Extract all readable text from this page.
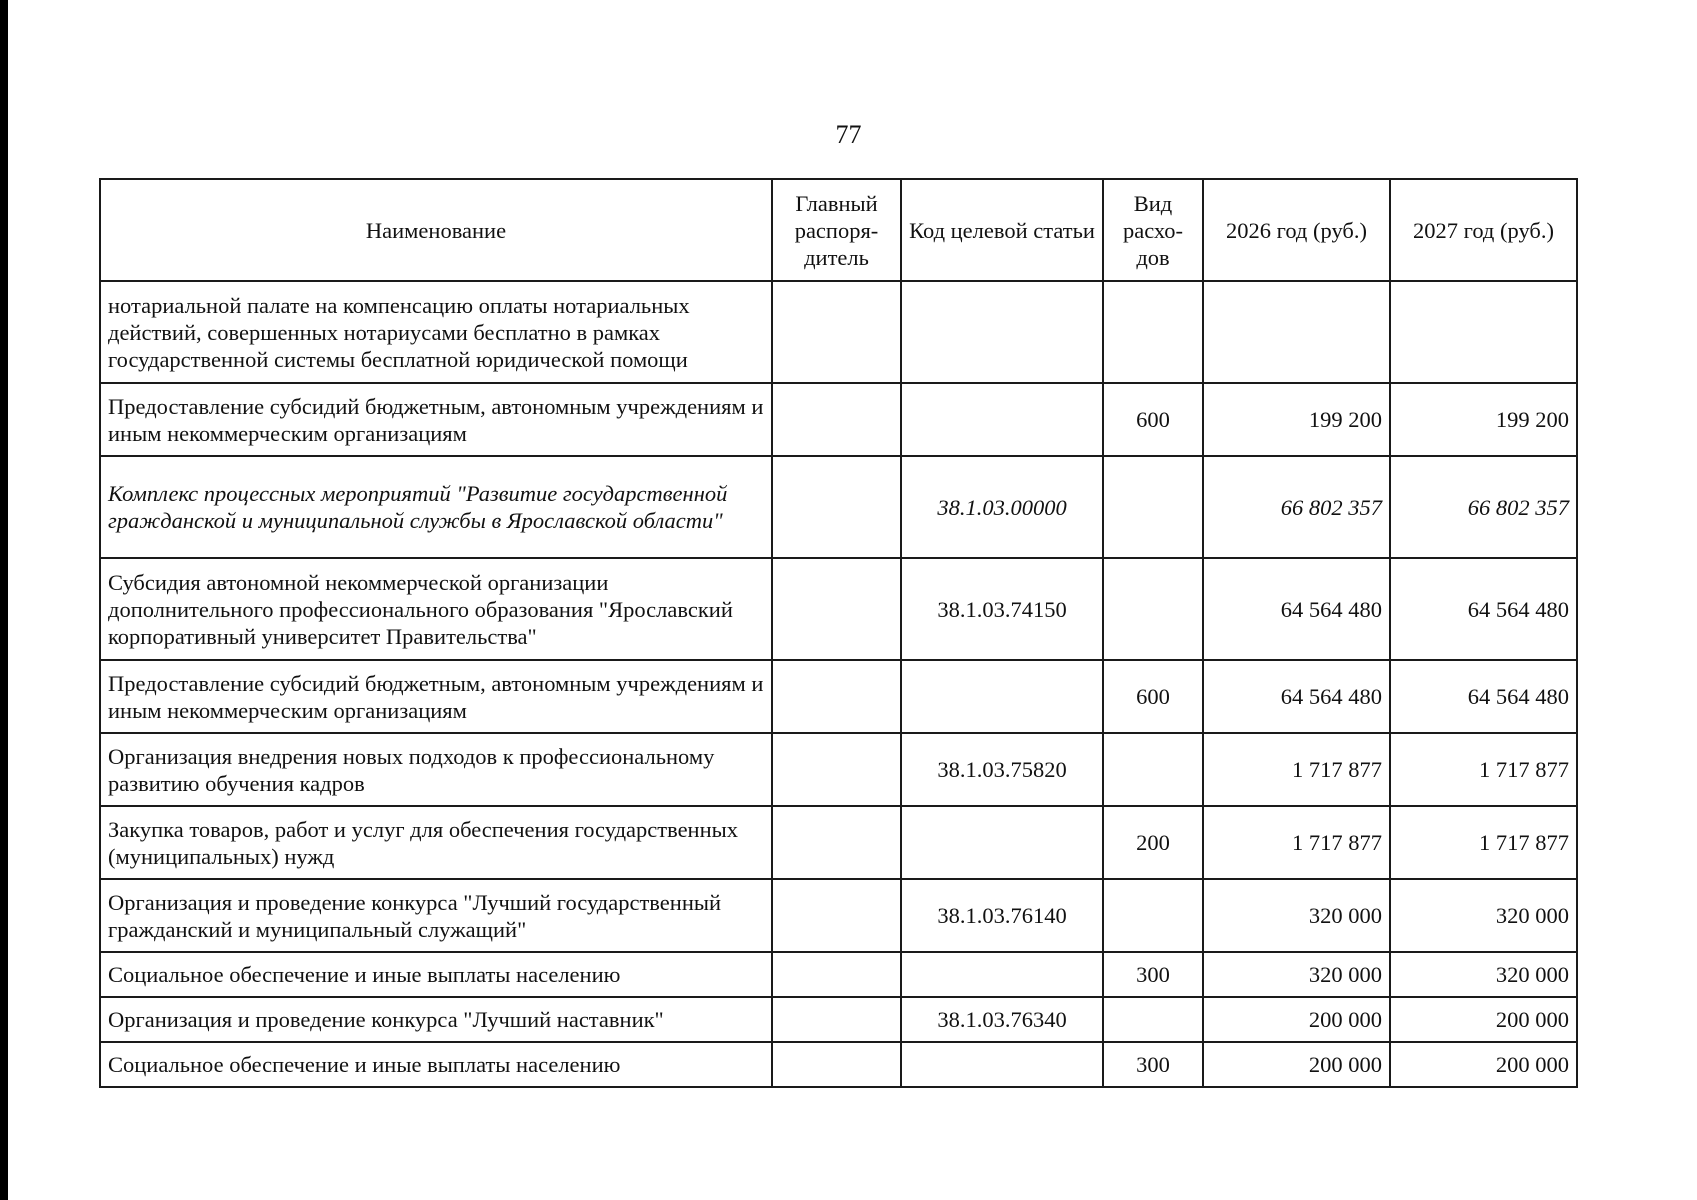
77
Наименование	Главный распоря-дитель	Код целевой статьи	Вид расхо-дов	2026 год (руб.)	2027 год (руб.)
нотариальной палате на компенсацию оплаты нотариальных действий, совершенных нотариусами бесплатно в рамках государственной системы бесплатной юридической помощи					
Предоставление субсидий бюджетным, автономным учреждениям и иным некоммерческим организациям			600	199 200	199 200
Комплекс процессных мероприятий "Развитие государственной гражданской и муниципальной службы в Ярославской области"		38.1.03.00000		66 802 357	66 802 357
Субсидия автономной некоммерческой организации дополнительного профессионального образования "Ярославский корпоративный университет Правительства"		38.1.03.74150		64 564 480	64 564 480
Предоставление субсидий бюджетным, автономным учреждениям и иным некоммерческим организациям			600	64 564 480	64 564 480
Организация внедрения новых подходов к профессиональному развитию обучения кадров		38.1.03.75820		1 717 877	1 717 877
Закупка товаров, работ и услуг для обеспечения государственных (муниципальных) нужд			200	1 717 877	1 717 877
Организация и проведение конкурса "Лучший государственный гражданский и муниципальный служащий"		38.1.03.76140		320 000	320 000
Социальное обеспечение и иные выплаты населению			300	320 000	320 000
Организация и проведение конкурса "Лучший наставник"		38.1.03.76340		200 000	200 000
Социальное обеспечение и иные выплаты населению			300	200 000	200 000
